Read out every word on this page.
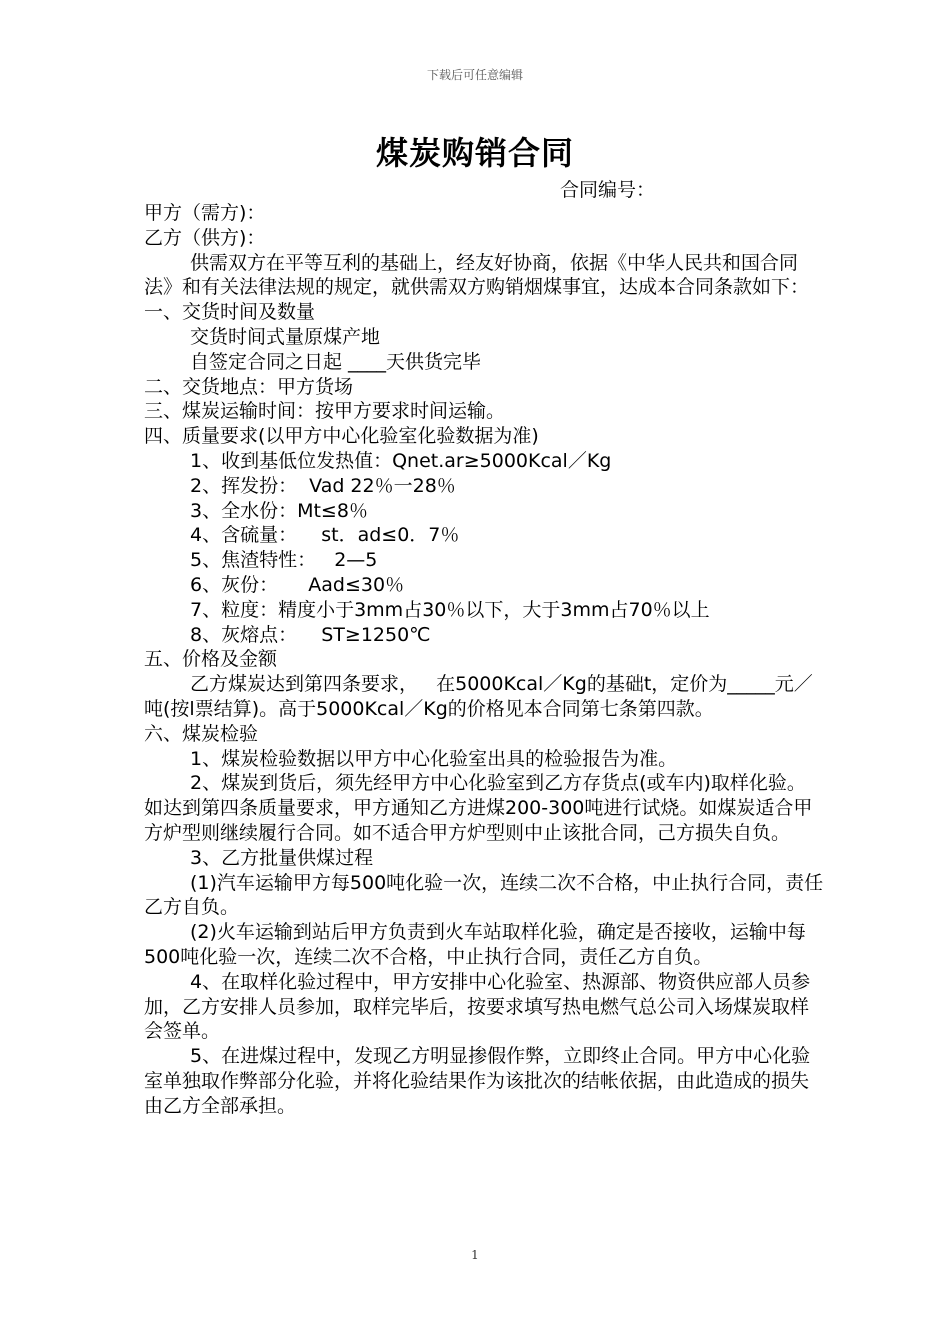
下载后可任意编辑
煤炭购销合同
合同编号：

甲方（需方)：

乙方（供方)：

供需双方在平等互利的基础上，经友好协商，依据《中华人民共和国合同法》和有关法律法规的规定，就供需双方购销烟煤事宜，达成本合同条款如下：

一、交货时间及数量

交货时间式量原煤产地

自签定合同之日起 ____天供货完毕

二、交货地点：甲方货场

三、煤炭运输时间：按甲方要求时间运输。

四、质量要求(以甲方中心化验室化验数据为准)

1、收到基低位发热值：Qnet.ar≥5000Kcal／Kg

2、挥发扮：  Vad 22％一28％

3、全水份：Mt≤8％

4、含硫量：    st．ad≤0．7％

5、焦渣特性：   2—5

6、灰份：     Aad≤30％

7、粒度：精度小于3mm占30％以下，大于3mm占70％以上

8、灰熔点：    ST≥1250℃

五、价格及金额

乙方煤炭达到第四条要求，   在5000Kcal／Kg的基础t，定价为_____元／吨(按l票结算)。高于5000Kcal／Kg的价格见本合同第七条第四款。

六、煤炭检验

1、煤炭检验数据以甲方中心化验室出具的检验报告为准。

2、煤炭到货后，须先经甲方中心化验室到乙方存货点(或车内)取样化验。如达到第四条质量要求，甲方通知乙方进煤200-300吨进行试烧。如煤炭适合甲方炉型则继续履行合同。如不适合甲方炉型则中止该批合同，己方损失自负。

3、乙方批量供煤过程

(1)汽车运输甲方每500吨化验一次，连续二次不合格，中止执行合同，责任乙方自负。

(2)火车运输到站后甲方负责到火车站取样化验，确定是否接收，运输中每500吨化验一次，连续二次不合格，中止执行合同，责任乙方自负。

4、在取样化验过程中，甲方安排中心化验室、热源部、物资供应部人员参加，乙方安排人员参加，取样完毕后，按要求填写热电燃气总公司入场煤炭取样会签单。

5、在进煤过程中，发现乙方明显掺假作弊，立即终止合同。甲方中心化验室单独取作弊部分化验，并将化验结果作为该批次的结帐依据，由此造成的损失由乙方全部承担。

1
